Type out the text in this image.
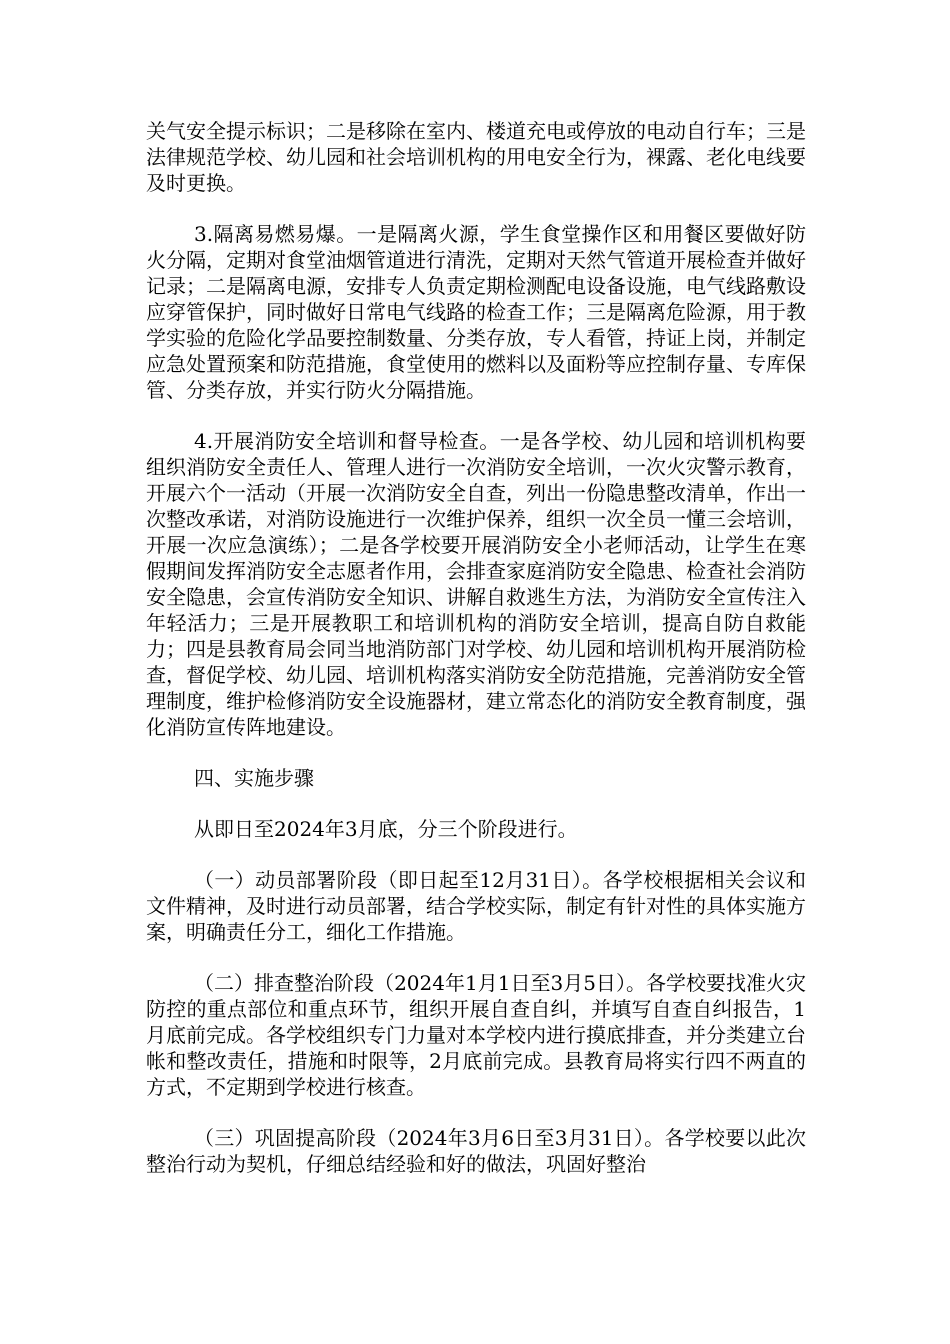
关气安全提示标识；二是移除在室内、楼道充电或停放的电动自行车；三是法律规范学校、幼儿园和社会培训机构的用电安全行为，裸露、老化电线要及时更换。

3.隔离易燃易爆。一是隔离火源，学生食堂操作区和用餐区要做好防火分隔，定期对食堂油烟管道进行清洗，定期对天然气管道开展检查并做好记录；二是隔离电源，安排专人负责定期检测配电设备设施，电气线路敷设应穿管保护，同时做好日常电气线路的检查工作；三是隔离危险源，用于教学实验的危险化学品要控制数量、分类存放，专人看管，持证上岗，并制定应急处置预案和防范措施，食堂使用的燃料以及面粉等应控制存量、专库保管、分类存放，并实行防火分隔措施。

4.开展消防安全培训和督导检查。一是各学校、幼儿园和培训机构要组织消防安全责任人、管理人进行一次消防安全培训，一次火灾警示教育，开展六个一活动（开展一次消防安全自查，列出一份隐患整改清单，作出一次整改承诺，对消防设施进行一次维护保养，组织一次全员一懂三会培训，开展一次应急演练）；二是各学校要开展消防安全小老师活动，让学生在寒假期间发挥消防安全志愿者作用，会排查家庭消防安全隐患、检查社会消防安全隐患，会宣传消防安全知识、讲解自救逃生方法，为消防安全宣传注入年轻活力；三是开展教职工和培训机构的消防安全培训，提高自防自救能力；四是县教育局会同当地消防部门对学校、幼儿园和培训机构开展消防检查，督促学校、幼儿园、培训机构落实消防安全防范措施，完善消防安全管理制度，维护检修消防安全设施器材，建立常态化的消防安全教育制度，强化消防宣传阵地建设。

四、实施步骤

从即日至2024年3月底，分三个阶段进行。

（一）动员部署阶段（即日起至12月31日）。各学校根据相关会议和文件精神，及时进行动员部署，结合学校实际，制定有针对性的具体实施方案，明确责任分工，细化工作措施。

（二）排查整治阶段（2024年1月1日至3月5日）。各学校要找准火灾防控的重点部位和重点环节，组织开展自查自纠，并填写自查自纠报告，1月底前完成。各学校组织专门力量对本学校内进行摸底排查，并分类建立台帐和整改责任，措施和时限等，2月底前完成。县教育局将实行四不两直的方式，不定期到学校进行核查。

（三）巩固提高阶段（2024年3月6日至3月31日）。各学校要以此次整治行动为契机，仔细总结经验和好的做法，巩固好整治
